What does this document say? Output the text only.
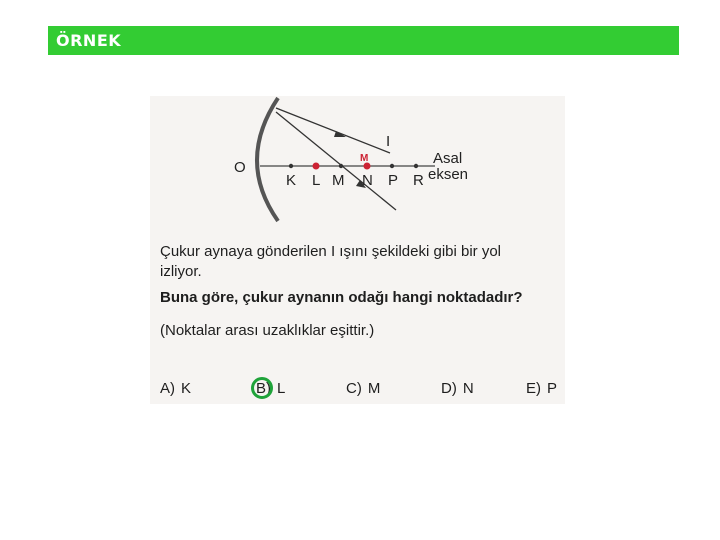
ÖRNEK
O
I
Asal
eksen
M
K L M N P R
Çukur aynaya gönderilen I ışını şekildeki gibi bir yol
izliyor.
Buna göre, çukur aynanın odağı hangi noktadadır?
(Noktalar arası uzaklıklar eşittir.)
A) K	B) L	C) M	D) N	E) P
